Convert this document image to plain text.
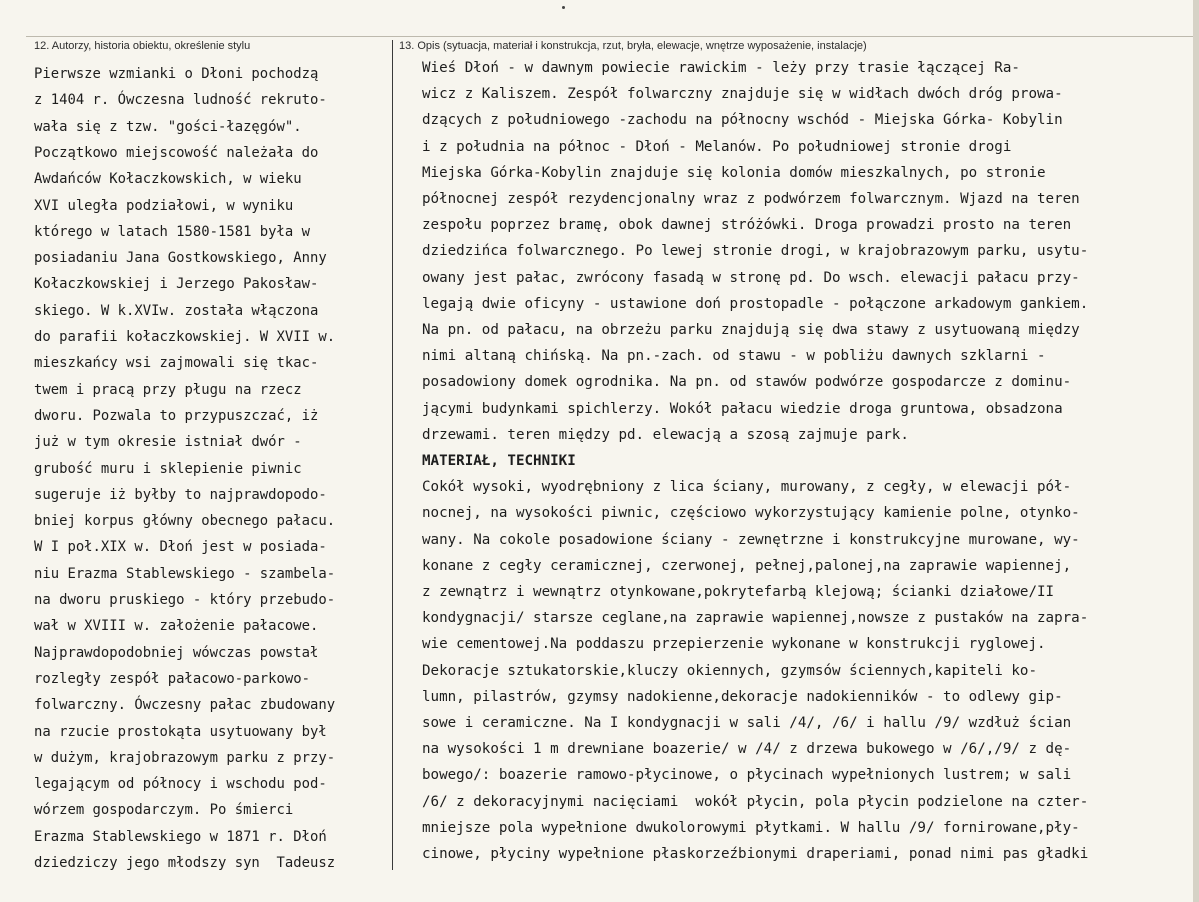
12. Autorzy, historia obiektu, określenie stylu	13. Opis (sytuacja, materiał i konstrukcja, rzut, bryła, elewacje, wnętrze wyposażenie, instalacje)
Pierwsze wzmianki o Dłoni pochodzą
z 1404 r. Ówczesna ludność rekruto-
wała się z tzw. "gości-łazęgów".
Początkowo miejscowość należała do
Awdańców Kołaczkowskich, w wieku
XVI uległa podziałowi, w wyniku
którego w latach 1580-1581 była w
posiadaniu Jana Gostkowskiego, Anny
Kołaczkowskiej i Jerzego Pakosław-
skiego. W k.XVIw. została włączona
do parafii kołaczkowskiej. W XVII w.
mieszkańcy wsi zajmowali się tkac-
twem i pracą przy pługu na rzecz
dworu. Pozwala to przypuszczać, iż
już w tym okresie istniał dwór -
grubość muru i sklepienie piwnic
sugeruje iż byłby to najprawdopodo-
bniej korpus główny obecnego pałacu.
W I poł.XIX w. Dłoń jest w posiada-
niu Erazma Stablewskiego - szambela-
na dworu pruskiego - który przebudo-
wał w XVIII w. założenie pałacowe.
Najprawdopodobniej wówczas powstał
rozległy zespół pałacowo-parkowo-
folwarczny. Ówczesny pałac zbudowany
na rzucie prostokąta usytuowany był
w dużym, krajobrazowym parku z przy-
legającym od północy i wschodu pod-
wórzem gospodarczym. Po śmierci
Erazma Stablewskiego w 1871 r. Dłoń
dziedziczy jego młodszy syn  Tadeusz
Wieś Dłoń - w dawnym powiecie rawickim - leży przy trasie łączącej Ra-
wicz z Kaliszem. Zespół folwarczny znajduje się w widłach dwóch dróg prowa-
dzących z południowego -zachodu na północny wschód - Miejska Górka- Kobylin
i z południa na północ - Dłoń - Melanów. Po południowej stronie drogi
Miejska Górka-Kobylin znajduje się kolonia domów mieszkalnych, po stronie
północnej zespół rezydencjonalny wraz z podwórzem folwarcznym. Wjazd na teren
zespołu poprzez bramę, obok dawnej stróżówki. Droga prowadzi prosto na teren
dziedzińca folwarcznego. Po lewej stronie drogi, w krajobrazowym parku, usytu-
owany jest pałac, zwrócony fasadą w stronę pd. Do wsch. elewacji pałacu przy-
legają dwie oficyny - ustawione doń prostopadle - połączone arkadowym gankiem.
Na pn. od pałacu, na obrzeżu parku znajdują się dwa stawy z usytuowaną między
nimi altaną chińską. Na pn.-zach. od stawu - w pobliżu dawnych szklarni -
posadowiony domek ogrodnika. Na pn. od stawów podwórze gospodarcze z dominu-
jącymi budynkami spichlerzy. Wokół pałacu wiedzie droga gruntowa, obsadzona
drzewami. teren między pd. elewacją a szosą zajmuje park.
MATERIAŁ, TECHNIKI
Cokół wysoki, wyodrębniony z lica ściany, murowany, z cegły, w elewacji pół-
nocnej, na wysokości piwnic, częściowo wykorzystujący kamienie polne, otynko-
wany. Na cokole posadowione ściany - zewnętrzne i konstrukcyjne murowane, wy-
konane z cegły ceramicznej, czerwonej, pełnej,palonej,na zaprawie wapiennej,
z zewnątrz i wewnątrz otynkowane,pokrytefarbą klejową; ścianki działowe/II
kondygnacji/ starsze ceglane,na zaprawie wapiennej,nowsze z pustaków na zapra-
wie cementowej.Na poddaszu przepierzenie wykonane w konstrukcji ryglowej.
Dekoracje sztukatorskie,kluczy okiennych, gzymsów ściennych,kapiteli ko-
lumn, pilastrów, gzymsy nadokienne,dekoracje nadokienników - to odlewy gip-
sowe i ceramiczne. Na I kondygnacji w sali /4/, /6/ i hallu /9/ wzdłuż ścian
na wysokości 1 m drewniane boazerie/ w /4/ z drzewa bukowego w /6/,/9/ z dę-
bowego/: boazerie ramowo-płycinowe, o płycinach wypełnionych lustrem; w sali
/6/ z dekoracyjnymi nacięciami  wokół płycin, pola płycin podzielone na czter-
mniejsze pola wypełnione dwukolorowymi płytkami. W hallu /9/ fornirowane,pły-
cinowe, płyciny wypełnione płaskorzeźbionymi draperiami, ponad nimi pas gładki
